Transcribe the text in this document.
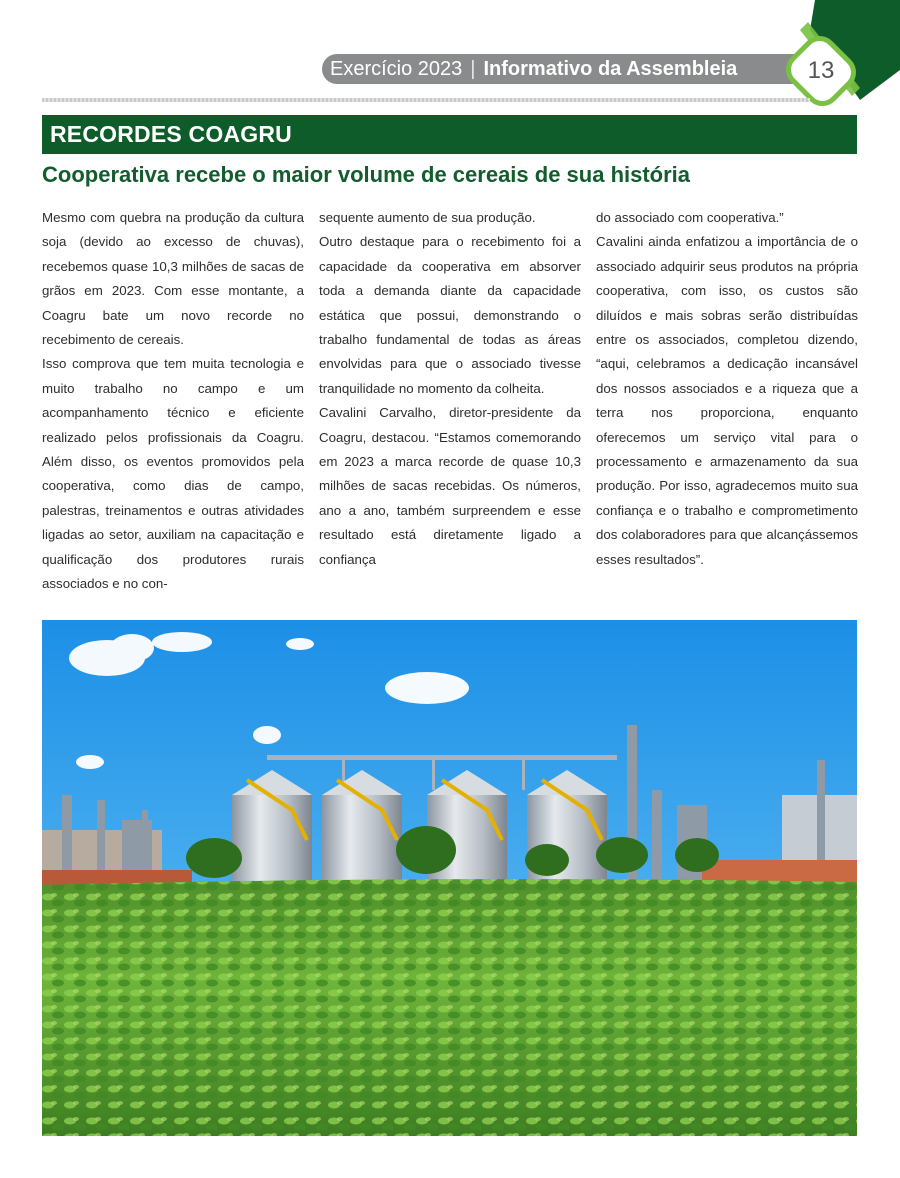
Exercício 2023 | Informativo da Assembleia	13
RECORDES COAGRU
Cooperativa recebe o maior volume de cereais de sua história

Mesmo com quebra na produção da cultura soja (devido ao excesso de chuvas), recebemos quase 10,3 milhões de sacas de grãos em 2023. Com esse montante, a Coagru bate um novo recorde no recebimento de cereais.

Isso comprova que tem muita tecnologia e muito trabalho no campo e um acompanhamento técnico e eficiente realizado pelos profissionais da Coagru. Além disso, os eventos promovidos pela cooperativa, como dias de campo, palestras, treinamentos e outras atividades ligadas ao setor, auxiliam na capacitação e qualificação dos produtores rurais associados e no con-

sequente aumento de sua produção.

Outro destaque para o recebimento foi a capacidade da cooperativa em absorver toda a demanda diante da capacidade estática que possui, demonstrando o trabalho fundamental de todas as áreas envolvidas para que o associado tivesse tranquilidade no momento da colheita.

Cavalini Carvalho, diretor-presidente da Coagru, destacou. “Estamos comemorando em 2023 a marca recorde de quase 10,3 milhões de sacas recebidas. Os números, ano a ano, também surpreendem e esse resultado está diretamente ligado a confiança

do associado com cooperativa.”

Cavalini ainda enfatizou a importância de o associado adquirir seus produtos na própria cooperativa, com isso, os custos são diluídos e mais sobras serão distribuídas entre os associados, completou dizendo, “aqui, celebramos a dedicação incansável dos nossos associados e a riqueza que a terra nos proporciona, enquanto oferecemos um serviço vital para o processamento e armazenamento da sua produção. Por isso, agradecemos muito sua confiança e o trabalho e comprometimento dos colaboradores para que alcançássemos esses resultados”.
